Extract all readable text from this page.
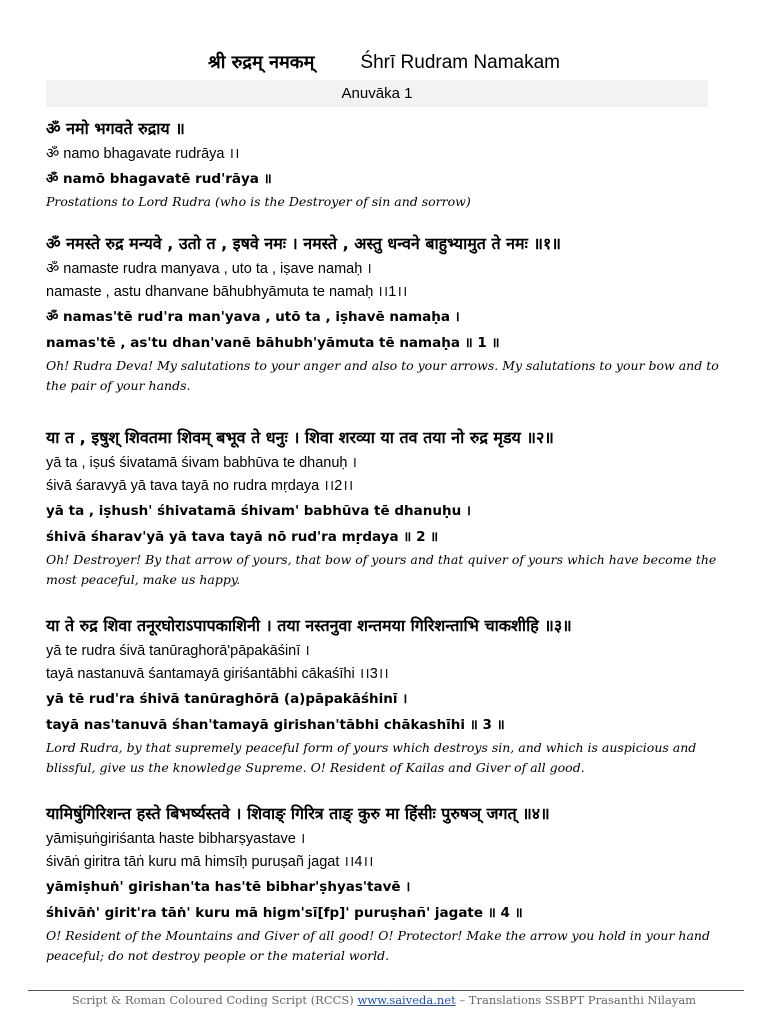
श्री रुद्रम् नमकम् Śhrī Rudram Namakam
Anuvāka 1
ॐ नमो भगवते रुद्राय ॥
ॐ namo bhagavate rudrāya ।।
ॐ namō bhagavatē rud'rāya ॥
Prostations to Lord Rudra (who is the Destroyer of sin and sorrow)
ॐ नमस्ते रुद्र मन्यवे , उतो त , इषवे नमः । नमस्ते , अस्तु धन्वने बाहुभ्यामुत ते नमः ॥१॥
ॐ namaste rudra manyava , uto ta , iṣave namaḥ ।
namaste , astu dhanvane bāhubhyāmuta te namaḥ ।।1।।
ॐ namas'tē rud'ra man'yava , utō ta , iṣhavē namaḥa ।
namas'tē , as'tu dhan'vanē bāhubh'yāmuta tē namaḥa ॥ 1 ॥
Oh! Rudra Deva! My salutations to your anger and also to your arrows. My salutations to your bow and to the pair of your hands.
या त , इषुश् शिवतमा शिवम् बभूव ते धनुः । शिवा शरव्या या तव तया नो रुद्र मृडय ॥२॥
yā ta , iṣuś śivatamā śivam babhūva te dhanuḥ ।
śivā śaravyā yā tava tayā no rudra mṛdaya ।।2।।
yā ta , iṣhush' śhivatamā śhivam' babhūva tē dhanuḥu ।
śhivā śharav'yā yā tava tayā nō rud'ra mṛdaya ॥ 2 ॥
Oh! Destroyer! By that arrow of yours, that bow of yours and that quiver of yours which have become the most peaceful, make us happy.
या ते रुद्र शिवा तनूरघोराऽपापकाशिनी । तया नस्तनुवा शन्तमया गिरिशन्ताभि चाकशीहि ॥३॥
yā te rudra śivā tanūraghorā'pāpakāśinī ।
tayā nastanuvā śantamayā giriśantābhi cākaśīhi ।।3।।
yā tē rud'ra śhivā tanūraghōrā (a)pāpakāśhinī ।
tayā nas'tanuvā śhan'tamayā girishan'tābhi chākashīhi ॥ 3 ॥
Lord Rudra, by that supremely peaceful form of yours which destroys sin, and which is auspicious and blissful, give us the knowledge Supreme. O! Resident of Kailas and Giver of all good.
यामिषुंगिरिशन्त हस्ते बिभर्ष्यस्तवे । शिवाङ् गिरित्र ताङ् कुरु मा हिंसीः पुरुषञ् जगत् ॥४॥
yāmiṣuṅgiriśanta haste bibharṣyastave ।
śivāṅ giritra tāṅ kuru mā himsīḥ puruṣañ jagat ।।4।।
yāmiṣhuṅ' girishan'ta has'tē bibhar'ṣhyas'tavē ।
śhivāṅ' girit'ra tāṅ' kuru mā higm'sī[fp]' puruṣhañ' jagate ॥ 4 ॥
O! Resident of the Mountains and Giver of all good! O! Protector! Make the arrow you hold in your hand peaceful; do not destroy people or the material world.
Script & Roman Coloured Coding Script (RCCS) www.saiveda.net – Translations SSBPT Prasanthi Nilayam
